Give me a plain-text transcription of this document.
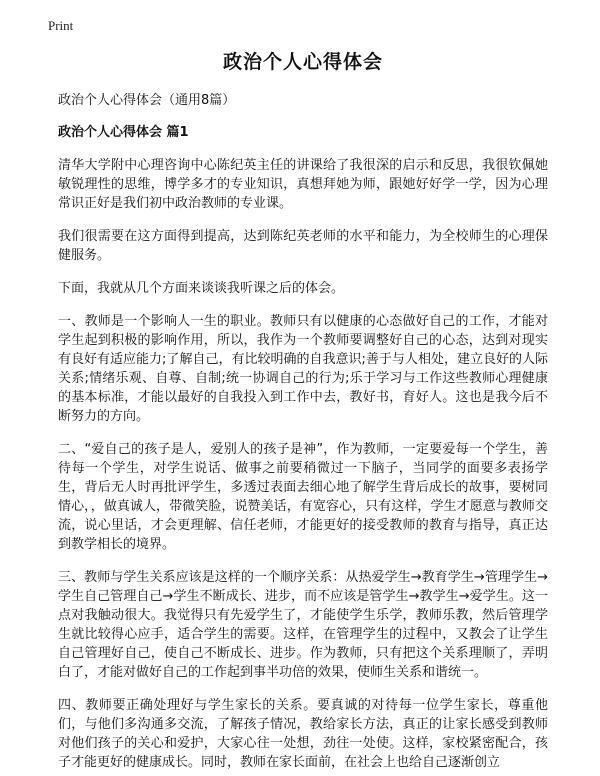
Print
政治个人心得体会
政治个人心得体会（通用8篇）
政治个人心得体会 篇1

清华大学附中心理咨询中心陈纪英主任的讲课给了我很深的启示和反思，我很钦佩她敏锐理性的思维，博学多才的专业知识，真想拜她为师，跟她好好学一学，因为心理常识正好是我们初中政治教师的专业课。

我们很需要在这方面得到提高，达到陈纪英老师的水平和能力，为全校师生的心理保健服务。

下面，我就从几个方面来谈谈我听课之后的体会。

一、教师是一个影响人一生的职业。教师只有以健康的心态做好自己的工作，才能对学生起到积极的影响作用，所以，我作为一个教师要调整好自己的心态，达到对现实有良好有适应能力;了解自己，有比较明确的自我意识;善于与人相处，建立良好的人际关系;情绪乐观、自尊、自制;统一协调自己的行为;乐于学习与工作这些教师心理健康的基本标准，才能以最好的自我投入到工作中去，教好书，育好人。这也是我今后不断努力的方向。

二、“爱自己的孩子是人，爱别人的孩子是神”，作为教师，一定要爱每一个学生，善待每一个学生，对学生说话、做事之前要稍微过一下脑子，当同学的面要多表扬学生，背后无人时再批评学生，多透过表面去细心地了解学生背后成长的故事，要树同情心，，做真诚人，带微笑脸，说赞美话，有宽容心，只有这样，学生才愿意与教师交流，说心里话，才会更理解、信任老师，才能更好的接受教师的教育与指导，真正达到教学相长的境界。

三、教师与学生关系应该是这样的一个顺序关系：从热爱学生→教育学生→管理学生→学生自己管理自己→学生不断成长、进步，而不应该是管学生→教学生→爱学生。这一点对我触动很大。我觉得只有先爱学生了，才能使学生乐学，教师乐教，然后管理学生就比较得心应手，适合学生的需要。这样，在管理学生的过程中，又教会了让学生自己管理好自己，使自己不断成长、进步。作为教师，只有把这个关系理顺了，弄明白了，才能对做好自己的工作起到事半功倍的效果，使师生关系和谐统一。

四、教师要正确处理好与学生家长的关系。要真诚的对待每一位学生家长，尊重他们，与他们多沟通多交流，了解孩子情况，教给家长方法，真正的让家长感受到教师对他们孩子的关心和爱护，大家心往一处想，劲往一处使。这样，家校紧密配合，孩子才能更好的健康成长。同时，教师在家长面前，在社会上也给自己逐渐创立
